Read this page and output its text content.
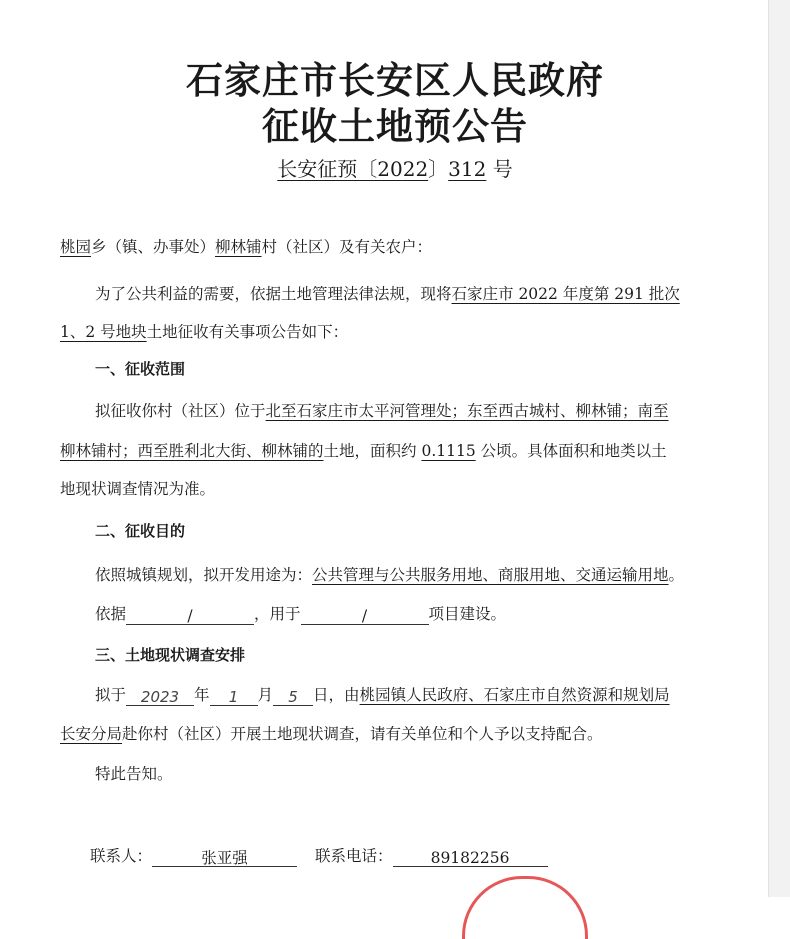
石家庄市长安区人民政府
征收土地预公告
长安征预〔2022〕312 号
桃园乡（镇、办事处）柳林铺村（社区）及有关农户：
为了公共利益的需要，依据土地管理法律法规，现将石家庄市 2022 年度第 291 批次
1、2 号地块土地征收有关事项公告如下：
一、征收范围
拟征收你村（社区）位于北至石家庄市太平河管理处；东至西古城村、柳林铺；南至
柳林铺村；西至胜利北大街、柳林铺的土地，面积约 0.1115 公顷。具体面积和地类以土
地现状调查情况为准。
二、征收目的
依照城镇规划，拟开发用途为：公共管理与公共服务用地、商服用地、交通运输用地。
依据	/	，用于	/	项目建设。
三、土地现状调查安排
拟于 2023 年 1 月 5 日，由桃园镇人民政府、石家庄市自然资源和规划局
长安分局赴你村（社区）开展土地现状调查，请有关单位和个人予以支持配合。
特此告知。
联系人：	张亚强	联系电话： 89182256
